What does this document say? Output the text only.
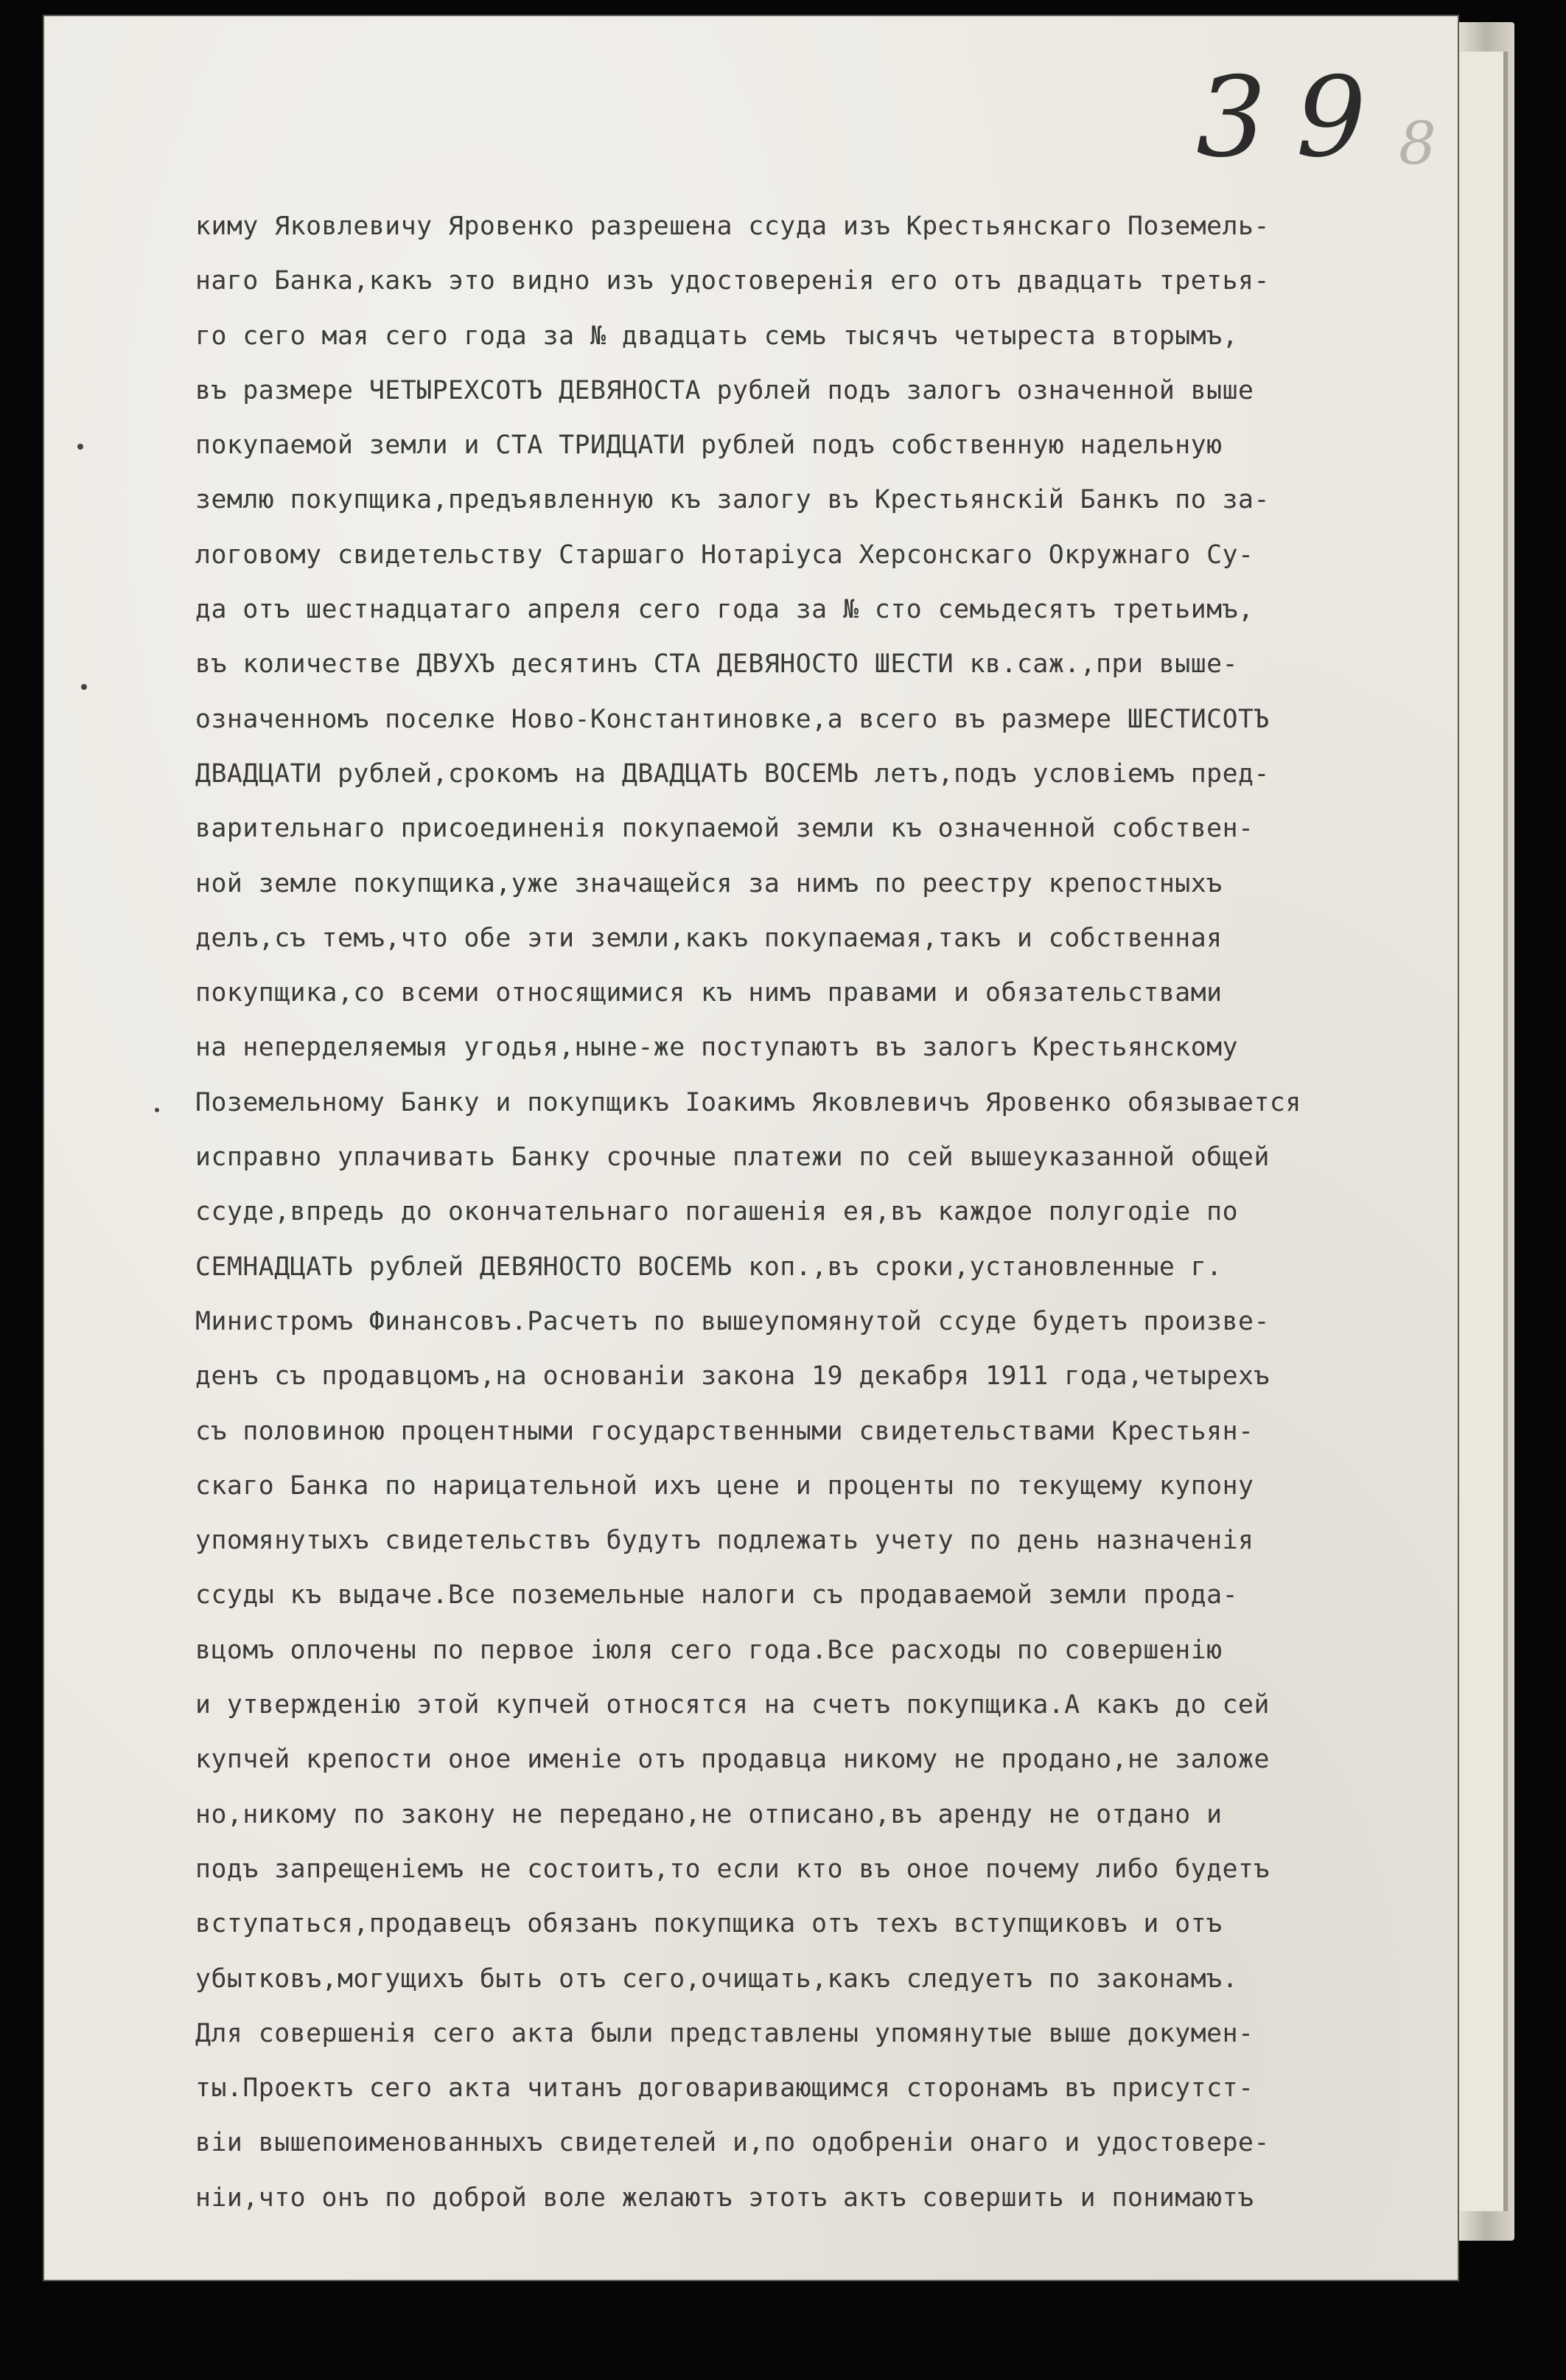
39 8
киму Яковлевичу Яровенко разрешена ссуда изъ Крестьянскаго Поземель-
наго Банка,какъ это видно изъ удостоверенія его отъ двадцать третья-
го сего мая сего года за № двадцать семь тысячъ четыреста вторымъ,
въ размере ЧЕТЫРЕХСОТЪ ДЕВЯНОСТА рублей подъ залогъ означенной выше
покупаемой земли и СТА ТРИДЦАТИ рублей подъ собственную надельную
землю покупщика,предъявленную къ залогу въ Крестьянскій Банкъ по за-
логовому свидетельству Старшаго Нотаріуса Херсонскаго Окружнаго Су-
да отъ шестнадцатаго апреля сего года за № сто семьдесятъ третьимъ,
въ количестве ДВУХЪ десятинъ СТА ДЕВЯНОСТО ШЕСТИ кв.саж.,при выше-
означенномъ поселке Ново-Константиновке,а всего въ размере ШЕСТИСОТЪ
ДВАДЦАТИ рублей,срокомъ на ДВАДЦАТЬ ВОСЕМЬ летъ,подъ условіемъ пред-
варительнаго присоединенія покупаемой земли къ означенной собствен-
ной земле покупщика,уже значащейся за нимъ по реестру крепостныхъ
делъ,съ темъ,что обе эти земли,какъ покупаемая,такъ и собственная
покупщика,со всеми относящимися къ нимъ правами и обязательствами
на неперделяемыя угодья,ныне-же поступаютъ въ залогъ Крестьянскому
Поземельному Банку и покупщикъ Іоакимъ Яковлевичъ Яровенко обязывается
исправно уплачивать Банку срочные платежи по сей вышеуказанной общей
ссуде,впредь до окончательнаго погашенія ея,въ каждое полугодіе по
СЕМНАДЦАТЬ рублей ДЕВЯНОСТО ВОСЕМЬ коп.,въ сроки,установленные г.
Министромъ Финансовъ.Расчетъ по вышеупомянутой ссуде будетъ произве-
денъ съ продавцомъ,на основаніи закона 19 декабря 1911 года,четырехъ
съ половиною процентными государственными свидетельствами Крестьян-
скаго Банка по нарицательной ихъ цене и проценты по текущему купону
упомянутыхъ свидетельствъ будутъ подлежать учету по день назначенія
ссуды къ выдаче.Все поземельные налоги съ продаваемой земли прода-
вцомъ оплочены по первое іюля сего года.Все расходы по совершенію
и утвержденію этой купчей относятся на счетъ покупщика.А какъ до сей
купчей крепости оное именіе отъ продавца никому не продано,не заложе
но,никому по закону не передано,не отписано,въ аренду не отдано и
подъ запрещеніемъ не состоитъ,то если кто въ оное почему либо будетъ
вступаться,продавецъ обязанъ покупщика отъ техъ вступщиковъ и отъ
убытковъ,могущихъ быть отъ сего,очищать,какъ следуетъ по законамъ.
Для совершенія сего акта были представлены упомянутые выше докумен-
ты.Проектъ сего акта читанъ договаривающимся сторонамъ въ присутст-
віи вышепоименованныхъ свидетелей и,по одобреніи онаго и удостовере-
ніи,что онъ по доброй воле желаютъ этотъ актъ совершить и понимаютъ
